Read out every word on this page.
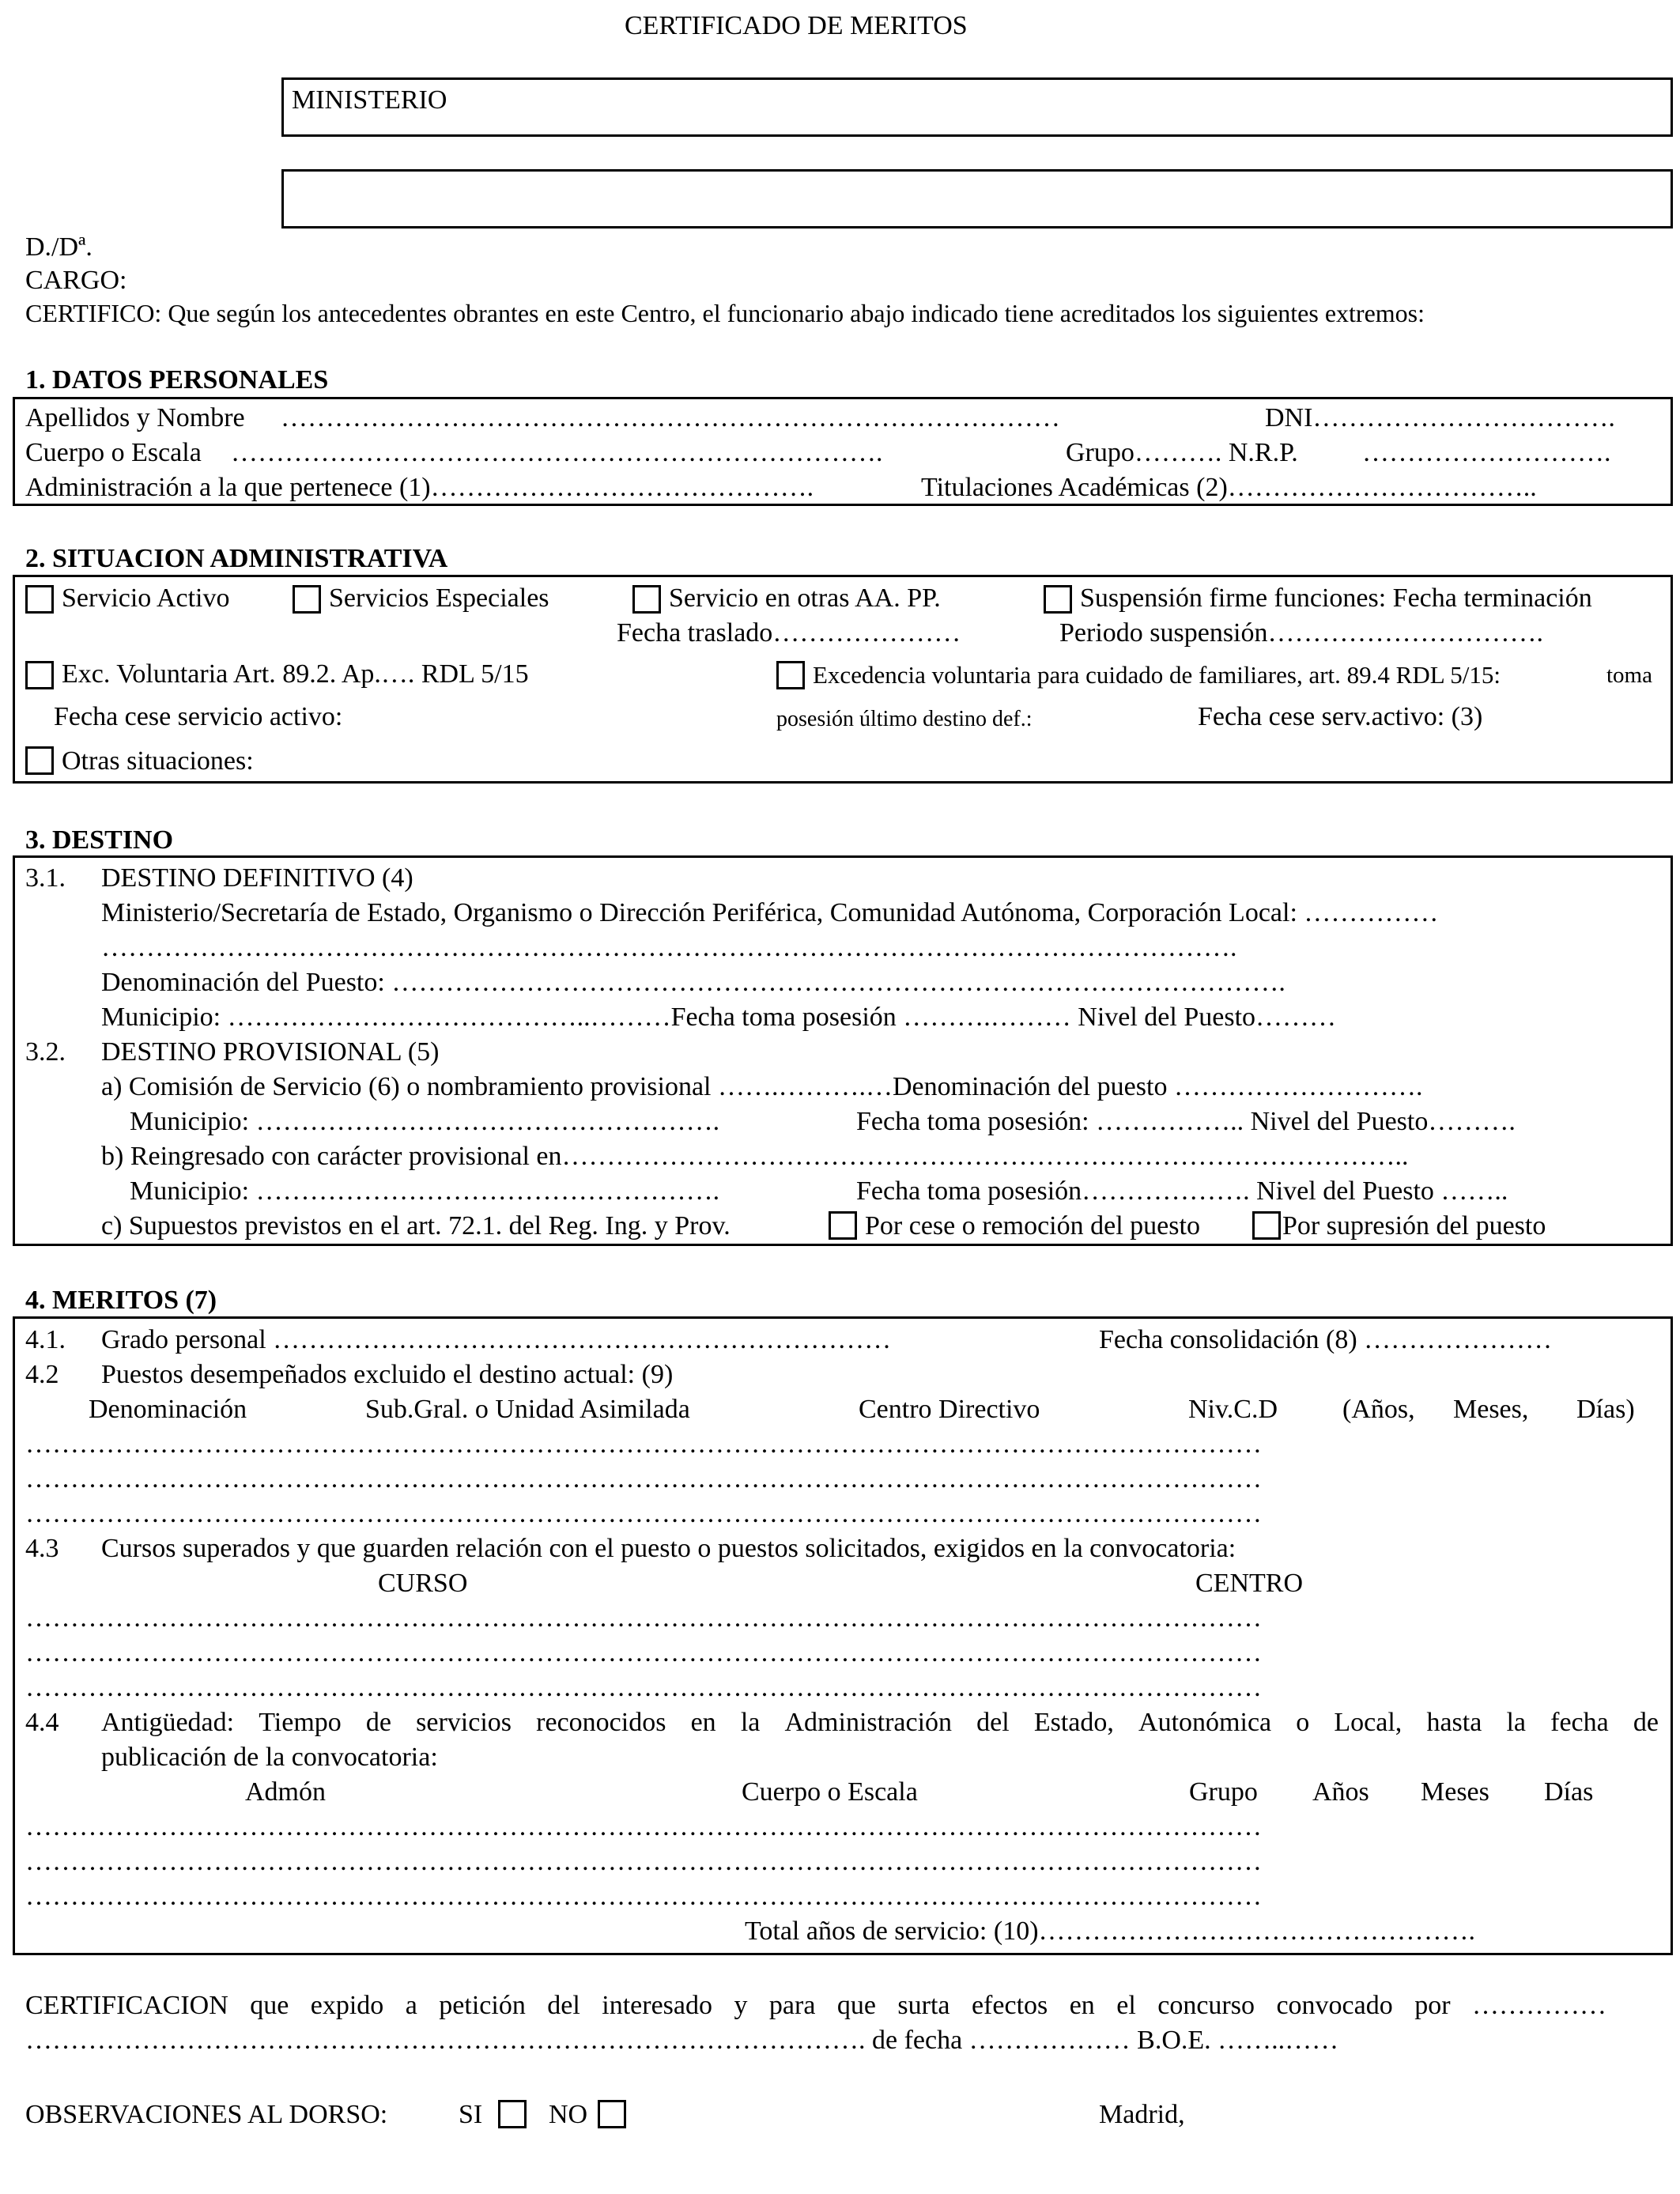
CERTIFICADO DE MERITOS
MINISTERIO
D./Dª.
CARGO:
CERTIFICO: Que según los antecedentes obrantes en este Centro, el funcionario abajo indicado tiene acreditados los siguientes extremos:
1. DATOS PERSONALES
Apellidos y Nombre ……………………………………………………………………………	DNI…………………………….
Cuerpo o Escala ……………………………………………………………….	Grupo………. N.R.P. ……………………….
Administración a la que pertenece (1)…………………………………….	Titulaciones Académicas (2)……………………………..
2. SITUACION ADMINISTRATIVA
Servicio Activo	Servicios Especiales	Servicio en otras AA. PP.	Suspensión firme funciones: Fecha terminación
Fecha traslado…………………	Periodo suspensión………………………….
Exc. Voluntaria Art. 89.2. Ap.…. RDL 5/15	Excedencia voluntaria para cuidado de familiares, art. 89.4 RDL 5/15:	toma
Fecha cese servicio activo:	posesión último destino def.:	Fecha cese serv.activo: (3)
Otras situaciones:
3. DESTINO
3.1. DESTINO DEFINITIVO (4)
Ministerio/Secretaría de Estado, Organismo o Dirección Periférica, Comunidad Autónoma, Corporación Local: ……………
……………………………………………………………………………………………………………….
Denominación del Puesto: ……………………………………………………………………………………….
Municipio: …………………………………..………Fecha toma posesión ……….……… Nivel del Puesto………
3.2. DESTINO PROVISIONAL (5)
a) Comisión de Servicio (6) o nombramiento provisional …….……….…Denominación del puesto ……………………….
Municipio: …………………………………………….	Fecha toma posesión: …………….. Nivel del Puesto……….
b) Reingresado con carácter provisional en…………………………………………………………………………………..
Municipio: …………………………………………….	Fecha toma posesión………………. Nivel del Puesto ……..
c) Supuestos previstos en el art. 72.1. del Reg. Ing. y Prov.	Por cese o remoción del puesto	Por supresión del puesto
4. MERITOS (7)
4.1. Grado personal ……………………………………………………………	Fecha consolidación (8) …………………
4.2 Puestos desempeñados excluido el destino actual: (9)
Denominación	Sub.Gral. o Unidad Asimilada	Centro Directivo	Niv.C.D (Años, Meses, Días)
…………………………………………………………………………………………………………………………
…………………………………………………………………………………………………………………………
…………………………………………………………………………………………………………………………
4.3 Cursos superados y que guarden relación con el puesto o puestos solicitados, exigidos en la convocatoria:
CURSO	CENTRO
…………………………………………………………………………………………………………………………
…………………………………………………………………………………………………………………………
…………………………………………………………………………………………………………………………
4.4 Antigüedad: Tiempo de servicios reconocidos en la Administración del Estado, Autonómica o Local, hasta la fecha de
publicación de la convocatoria:
Admón	Cuerpo o Escala	Grupo Años Meses Días
…………………………………………………………………………………………………………………………
…………………………………………………………………………………………………………………………
…………………………………………………………………………………………………………………………
Total años de servicio: (10)………………………………………….
CERTIFICACION que expido a petición del interesado y para que surta efectos en el concurso convocado por ……………
…………………………………………………………………………………. de fecha ……………… B.O.E. ……..……
OBSERVACIONES AL DORSO:	SI NO	Madrid,
